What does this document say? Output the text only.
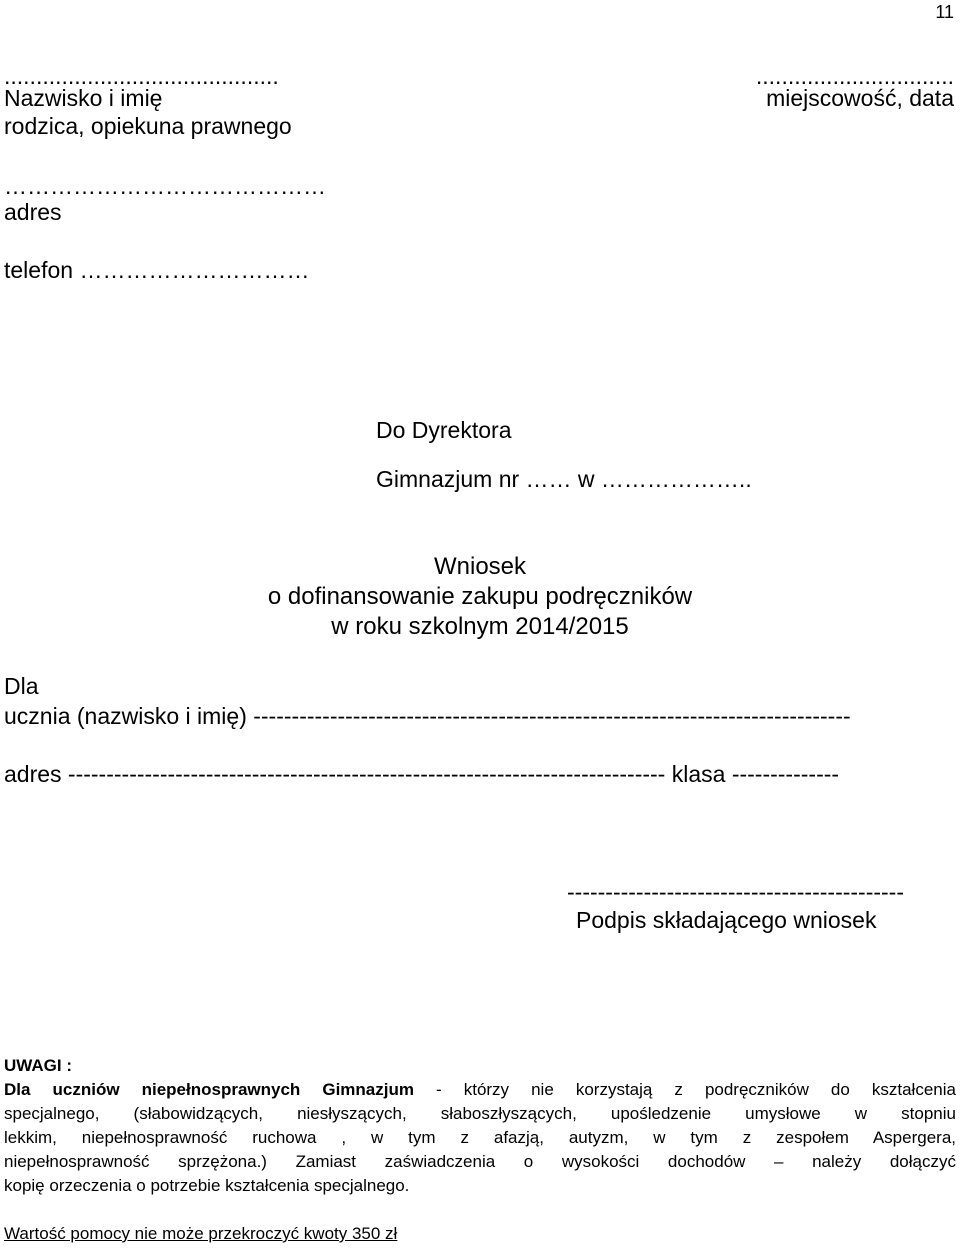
11
...........................................
Nazwisko i imię
rodzica, opiekuna prawnego
...............................
miejscowość, data
……………………………………
adres
telefon …………………………
Do Dyrektora
Gimnazjum nr …… w ………………..
Wniosek
o dofinansowanie zakupu podręczników
w roku szkolnym 2014/2015
Dla
ucznia (nazwisko i imię) ------------------------------------------------------------------------------
adres ------------------------------------------------------------------------------ klasa --------------
--------------------------------------------
Podpis składającego wniosek

UWAGI :

Dla uczniów niepełnosprawnych Gimnazjum - którzy nie korzystają z podręczników do kształcenia

specjalnego, (słabowidzących, niesłyszących, słaboszłyszących, upośledzenie umysłowe w stopniu

lekkim, niepełnosprawność ruchowa , w tym z afazją, autyzm, w tym z zespołem Aspergera,

niepełnosprawność sprzężona.) Zamiast zaświadczenia o wysokości dochodów – należy dołączyć

kopię orzeczenia o potrzebie kształcenia specjalnego.

Wartość pomocy nie może przekroczyć kwoty 350 zł
